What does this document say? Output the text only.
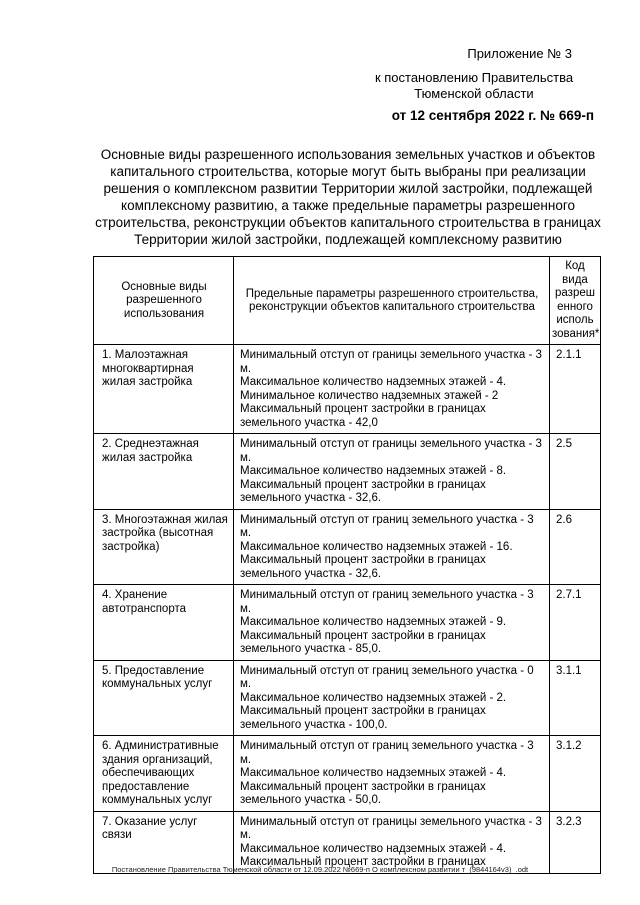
Приложение № 3
к постановлению Правительства Тюменской области
от 12 сентября 2022 г. № 669-п
Основные виды разрешенного использования земельных участков и объектов капитального строительства, которые могут быть выбраны при реализации решения о комплексном развитии Территории жилой застройки, подлежащей комплексному развитию, а также предельные параметры разрешенного строительства, реконструкции объектов капитального строительства в границах Территории жилой застройки, подлежащей комплексному развитию
Основные виды разрешенного использования	Предельные параметры разрешенного строительства, реконструкции объектов капитального строительства	Код вида разреш енного исполь зования*
1. Малоэтажная многоквартирная жилая застройка	Минимальный отступ от границы земельного участка - 3 м.

Максимальное количество надземных этажей - 4.

Минимальное количество надземных этажей - 2

Максимальный процент застройки в границах земельного участка - 42,0	2.1.1
2. Среднеэтажная жилая застройка	Минимальный отступ от границы земельного участка - 3 м.

Максимальное количество надземных этажей - 8.

Максимальный процент застройки в границах земельного участка - 32,6.	2.5
3. Многоэтажная жилая застройка (высотная застройка)	Минимальный отступ от границ земельного участка - 3 м.

Максимальное количество надземных этажей - 16.

Максимальный процент застройки в границах земельного участка - 32,6.	2.6
4. Хранение автотранспорта	Минимальный отступ от границ земельного участка - 3 м.

Максимальное количество надземных этажей - 9.

Максимальный процент застройки в границах земельного участка - 85,0.	2.7.1
5. Предоставление коммунальных услуг	Минимальный отступ от границ земельного участка - 0 м.

Максимальное количество надземных этажей - 2.

Максимальный процент застройки в границах земельного участка - 100,0.	3.1.1
6. Административные здания организаций, обеспечивающих предоставление коммунальных услуг	Минимальный отступ от границ земельного участка - 3 м.

Максимальное количество надземных этажей - 4.

Максимальный процент застройки в границах земельного участка - 50,0.	3.1.2
7. Оказание услуг связи	Минимальный отступ от границы земельного участка - 3 м.

Максимальное количество надземных этажей - 4.

Максимальный процент застройки в границах	3.2.3
Постановление Правительства Тюменской области от 12.09.2022 №669-п О комплексном развитии т_(9844164v3)_.odt
